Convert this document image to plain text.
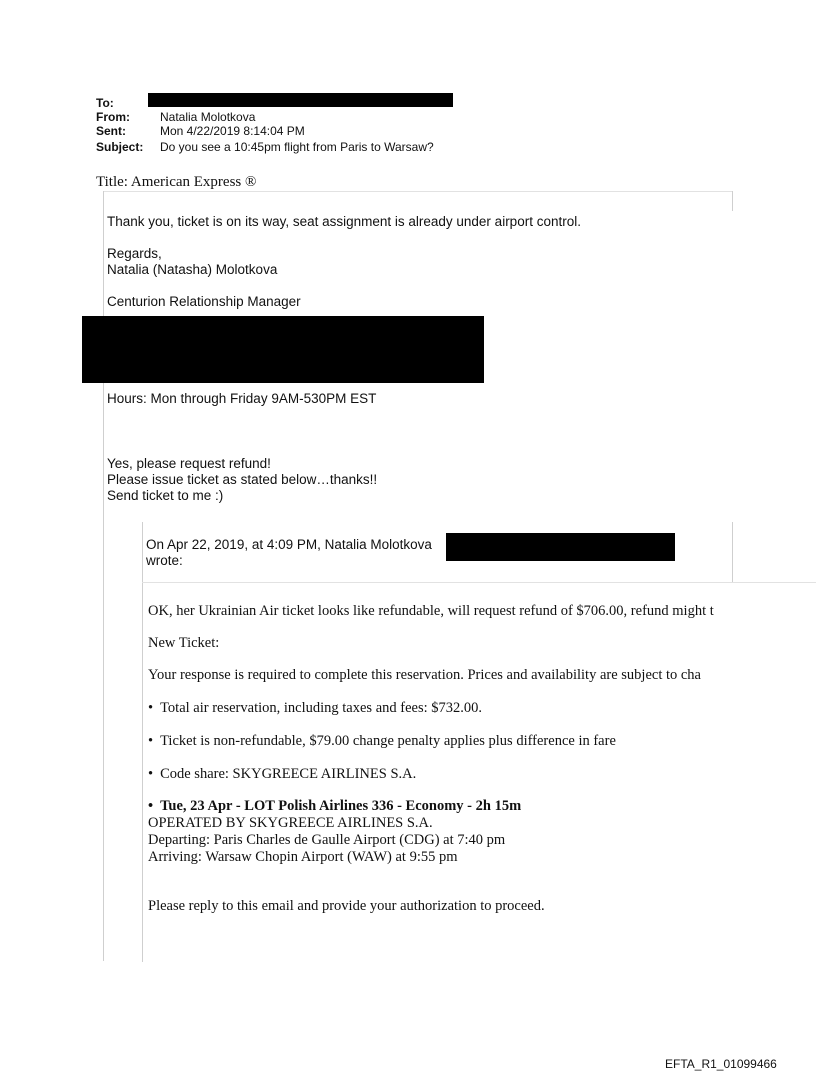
To:
From:	Natalia Molotkova
Sent:	Mon 4/22/2019 8:14:04 PM
Subject: Do you see a 10:45pm flight from Paris to Warsaw?
Title: American Express ®
Thank you, ticket is on its way, seat assignment is already under airport control.
Regards,
Natalia (Natasha) Molotkova
Centurion Relationship Manager
Hours: Mon through Friday 9AM-530PM EST
Yes, please request refund!
Please issue ticket as stated below…thanks!!
Send ticket to me :)
On Apr 22, 2019, at 4:09 PM, Natalia Molotkova
wrote:
OK, her Ukrainian Air ticket looks like refundable, will request refund of $706.00, refund might t
New Ticket:
Your response is required to complete this reservation. Prices and availability are subject to cha
• Total air reservation, including taxes and fees: $732.00.
• Ticket is non-refundable, $79.00 change penalty applies plus difference in fare
• Code share: SKYGREECE AIRLINES S.A.
• Tue, 23 Apr - LOT Polish Airlines 336 - Economy - 2h 15m
OPERATED BY SKYGREECE AIRLINES S.A.
Departing: Paris Charles de Gaulle Airport (CDG) at 7:40 pm
Arriving: Warsaw Chopin Airport (WAW) at 9:55 pm
Please reply to this email and provide your authorization to proceed.
EFTA_R1_01099466
